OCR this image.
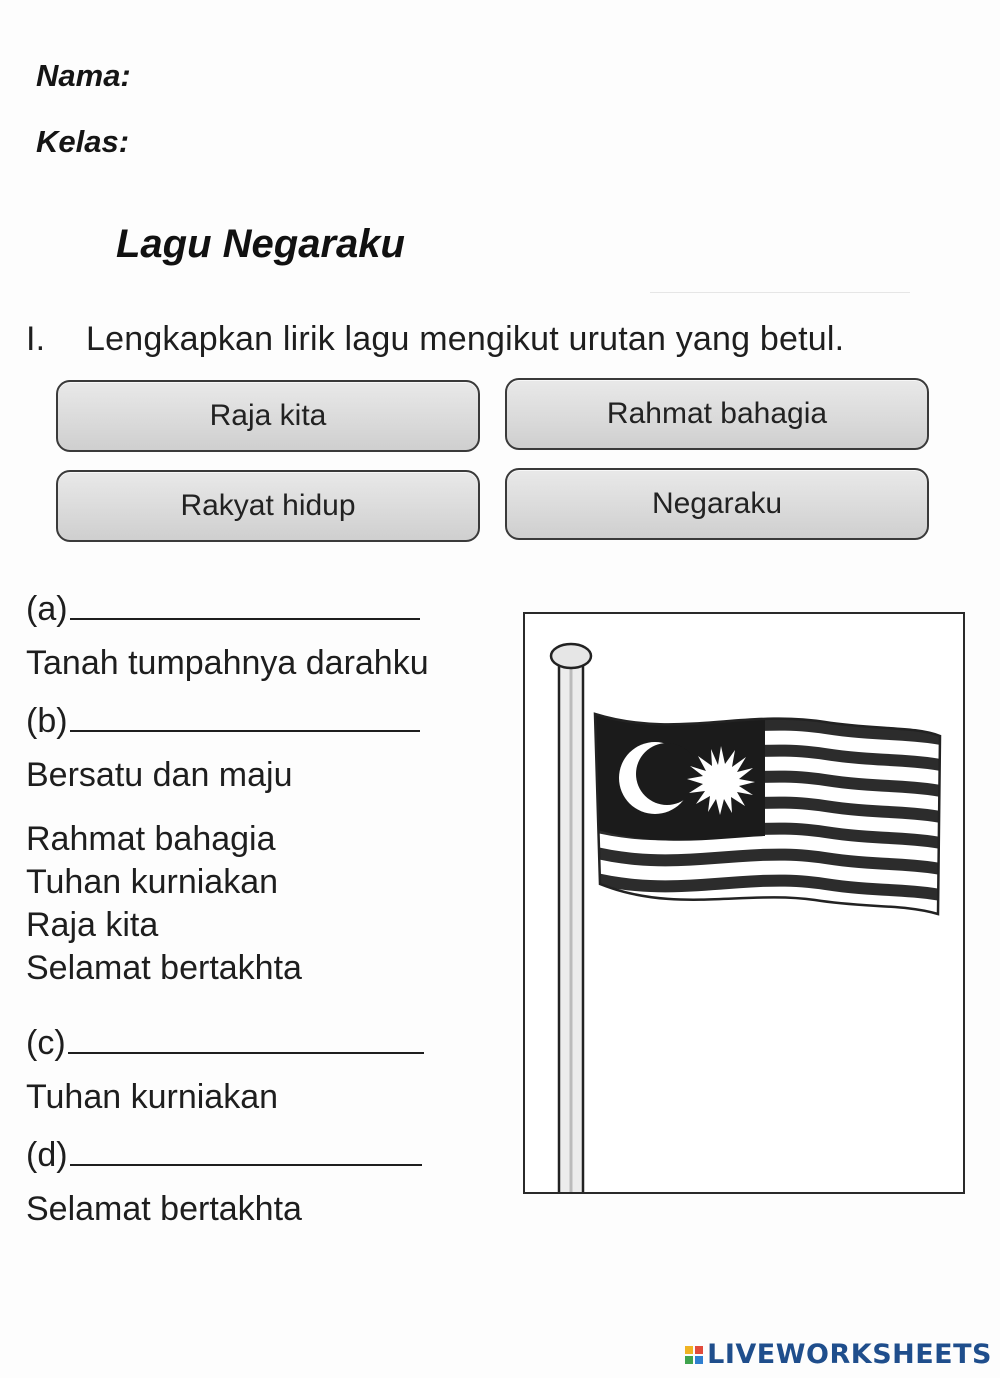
Nama:
Kelas:
Lagu Negaraku
I. Lengkapkan lirik lagu mengikut urutan yang betul.
Raja kita	Rahmat bahagia
Rakyat hidup	Negaraku
(a)
Tanah tumpahnya darahku
(b)
Bersatu dan maju
Rahmat bahagia
Tuhan kurniakan
Raja kita
Selamat bertakhta
(c)
Tuhan kurniakan
(d)
Selamat bertakhta
LIVEWORKSHEETS
